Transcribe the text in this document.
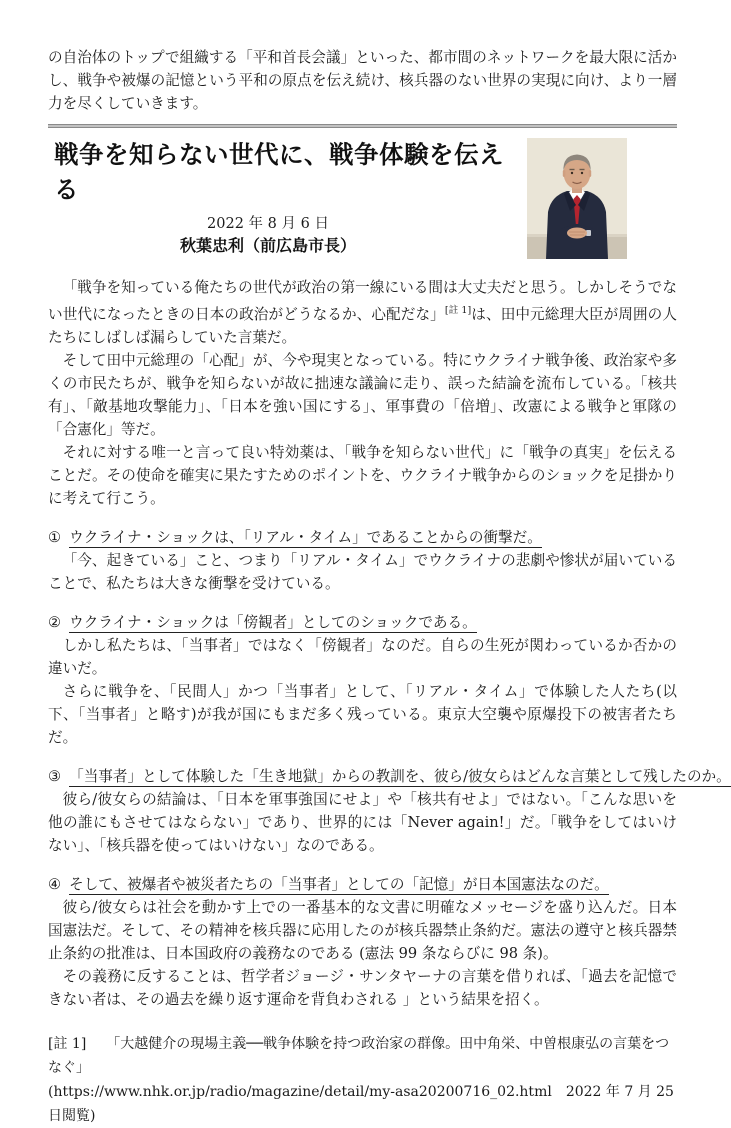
の自治体のトップで組織する「平和首長会議」といった、都市間のネットワークを最大限に活かし、戦争や被爆の記憶という平和の原点を伝え続け、核兵器のない世界の実現に向け、より一層力を尽くしていきます。

戦争を知らない世代に、戦争体験を伝える
2022 年 8 月 6 日
秋葉忠利（前広島市長）

「戦争を知っている俺たちの世代が政治の第一線にいる間は大丈夫だと思う。しかしそうでない世代になったときの日本の政治がどうなるか、心配だな」[註 1]は、田中元総理大臣が周囲の人たちにしばしば漏らしていた言葉だ。

そして田中元総理の「心配」が、今や現実となっている。特にウクライナ戦争後、政治家や多くの市民たちが、戦争を知らないが故に拙速な議論に走り、誤った結論を流布している。「核共有」、「敵基地攻撃能力」、「日本を強い国にする」、軍事費の「倍増」、改憲による戦争と軍隊の「合憲化」等だ。

それに対する唯一と言って良い特効薬は、「戦争を知らない世代」に「戦争の真実」を伝えることだ。その使命を確実に果たすためのポイントを、ウクライナ戦争からのショックを足掛かりに考えて行こう。

① ウクライナ・ショックは、「リアル・タイム」であることからの衝撃だ。

「今、起きている」こと、つまり「リアル・タイム」でウクライナの悲劇や惨状が届いていることで、私たちは大きな衝撃を受けている。

② ウクライナ・ショックは「傍観者」としてのショックである。

しかし私たちは、「当事者」ではなく「傍観者」なのだ。自らの生死が関わっているか否かの違いだ。

さらに戦争を、「民間人」かつ「当事者」として、「リアル・タイム」で体験した人たち(以下、「当事者」と略す)が我が国にもまだ多く残っている。東京大空襲や原爆投下の被害者たちだ。

③ 「当事者」として体験した「生き地獄」からの教訓を、彼ら/彼女らはどんな言葉として残したのか。

彼ら/彼女らの結論は、「日本を軍事強国にせよ」や「核共有せよ」ではない。「こんな思いを他の誰にもさせてはならない」であり、世界的には「Never again!」だ。「戦争をしてはいけない」、「核兵器を使ってはいけない」なのである。

④ そして、被爆者や被災者たちの「当事者」としての「記憶」が日本国憲法なのだ。

彼ら/彼女らは社会を動かす上での一番基本的な文書に明確なメッセージを盛り込んだ。日本国憲法だ。そして、その精神を核兵器に応用したのが核兵器禁止条約だ。憲法の遵守と核兵器禁止条約の批准は、日本国政府の義務なのである (憲法 99 条ならびに 98 条)。

その義務に反することは、哲学者ジョージ・サンタヤーナの言葉を借りれば、「過去を記憶できない者は、その過去を繰り返す運命を背負わされる 」という結果を招く。

[註 1] 「大越健介の現場主義──戦争体験を持つ政治家の群像。田中角栄、中曽根康弘の言葉をつなぐ」

(https://www.nhk.or.jp/radio/magazine/detail/my-asa20200716_02.html　2022 年 7 月 25 日閲覧)
